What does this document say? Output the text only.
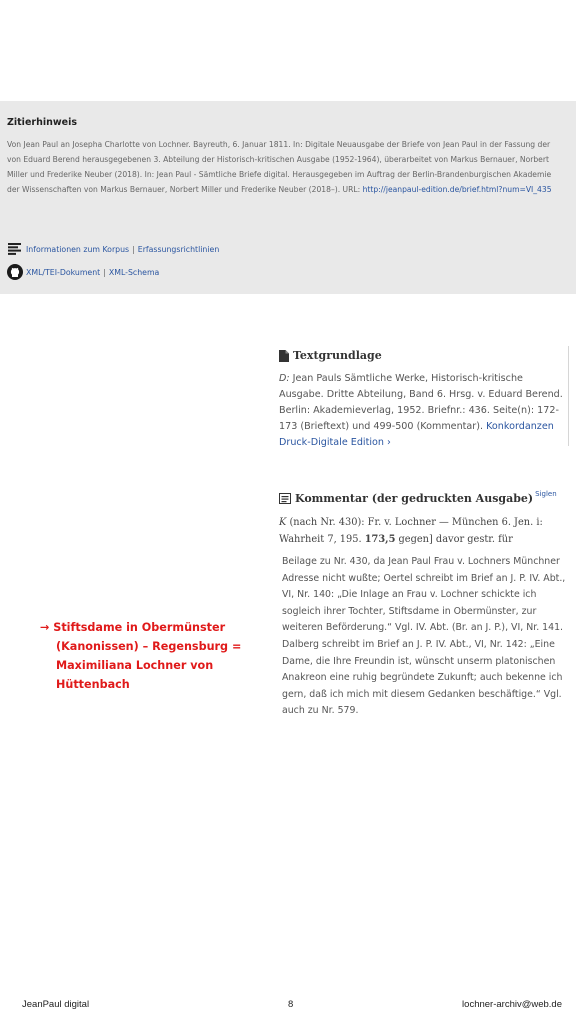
Zitierhinweis
Von Jean Paul an Josepha Charlotte von Lochner. Bayreuth, 6. Januar 1811. In: Digitale Neuausgabe der Briefe von Jean Paul in der Fassung der von Eduard Berend herausgegebenen 3. Abteilung der Historisch-kritischen Ausgabe (1952-1964), überarbeitet von Markus Bernauer, Norbert Miller und Frederike Neuber (2018). In: Jean Paul - Sämtliche Briefe digital. Herausgegeben im Auftrag der Berlin-Brandenburgischen Akademie der Wissenschaften von Markus Bernauer, Norbert Miller und Frederike Neuber (2018–). URL: http://jeanpaul-edition.de/brief.html?num=VI_435
Informationen zum Korpus | Erfassungsrichtlinien
XML/TEI-Dokument | XML-Schema
→ Stiftsdame in Obermünster
(Kanonissen) – Regensburg =
Maximiliana Lochner von
Hüttenbach
Textgrundlage
D: Jean Pauls Sämtliche Werke, Historisch-kritische Ausgabe. Dritte Abteilung, Band 6. Hrsg. v. Eduard Berend. Berlin: Akademieverlag, 1952. Briefnr.: 436. Seite(n): 172-173 (Brieftext) und 499-500 (Kommentar). Konkordanzen Druck-Digitale Edition ›
Kommentar (der gedruckten Ausgabe) Siglen
K (nach Nr. 430): Fr. v. Lochner — München 6. Jen. i: Wahrheit 7, 195. 173,5 gegen] davor gestr. für
Beilage zu Nr. 430, da Jean Paul Frau v. Lochners Münchner Adresse nicht wußte; Oertel schreibt im Brief an J. P. IV. Abt., VI, Nr. 140: „Die Inlage an Frau v. Lochner schickte ich sogleich ihrer Tochter, Stiftsdame in Obermünster, zur weiteren Beförderung.“ Vgl. IV. Abt. (Br. an J. P.), VI, Nr. 141. Dalberg schreibt im Brief an J. P. IV. Abt., VI, Nr. 142: „Eine Dame, die Ihre Freundin ist, wünscht unserm platonischen Anakreon eine ruhig begründete Zukunft; auch bekenne ich gern, daß ich mich mit diesem Gedanken beschäftige.“ Vgl. auch zu Nr. 579.
JeanPaul digital	8	lochner-archiv@web.de
